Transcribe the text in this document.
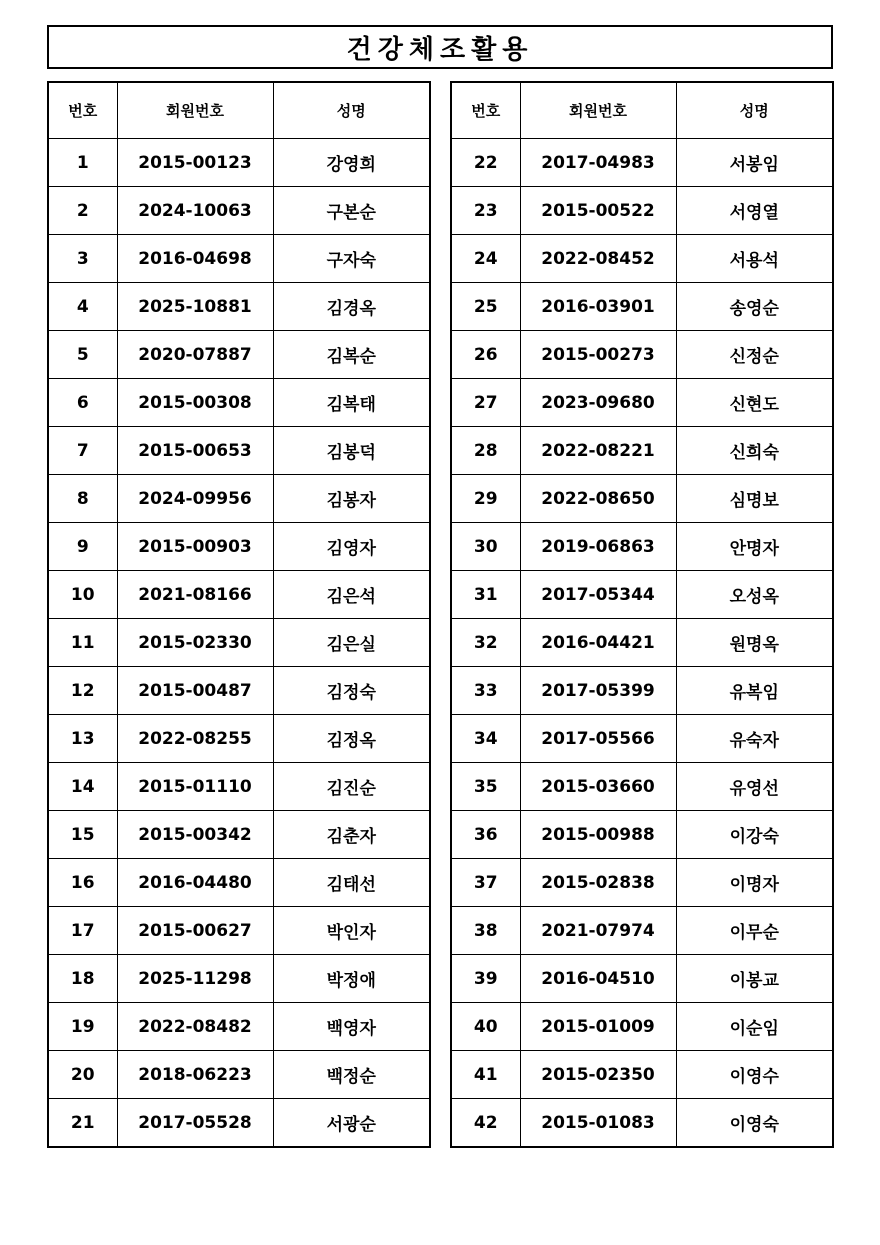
건강체조활용
번호	회원번호	성명
1	2015-00123	강영희
2	2024-10063	구본순
3	2016-04698	구자숙
4	2025-10881	김경옥
5	2020-07887	김복순
6	2015-00308	김복태
7	2015-00653	김봉덕
8	2024-09956	김봉자
9	2015-00903	김영자
10	2021-08166	김은석
11	2015-02330	김은실
12	2015-00487	김정숙
13	2022-08255	김정옥
14	2015-01110	김진순
15	2015-00342	김춘자
16	2016-04480	김태선
17	2015-00627	박인자
18	2025-11298	박정애
19	2022-08482	백영자
20	2018-06223	백정순
21	2017-05528	서광순
번호	회원번호	성명
22	2017-04983	서봉임
23	2015-00522	서영열
24	2022-08452	서용석
25	2016-03901	송영순
26	2015-00273	신정순
27	2023-09680	신현도
28	2022-08221	신희숙
29	2022-08650	심명보
30	2019-06863	안명자
31	2017-05344	오성옥
32	2016-04421	원명옥
33	2017-05399	유복임
34	2017-05566	유숙자
35	2015-03660	유영선
36	2015-00988	이강숙
37	2015-02838	이명자
38	2021-07974	이무순
39	2016-04510	이봉교
40	2015-01009	이순임
41	2015-02350	이영수
42	2015-01083	이영숙
